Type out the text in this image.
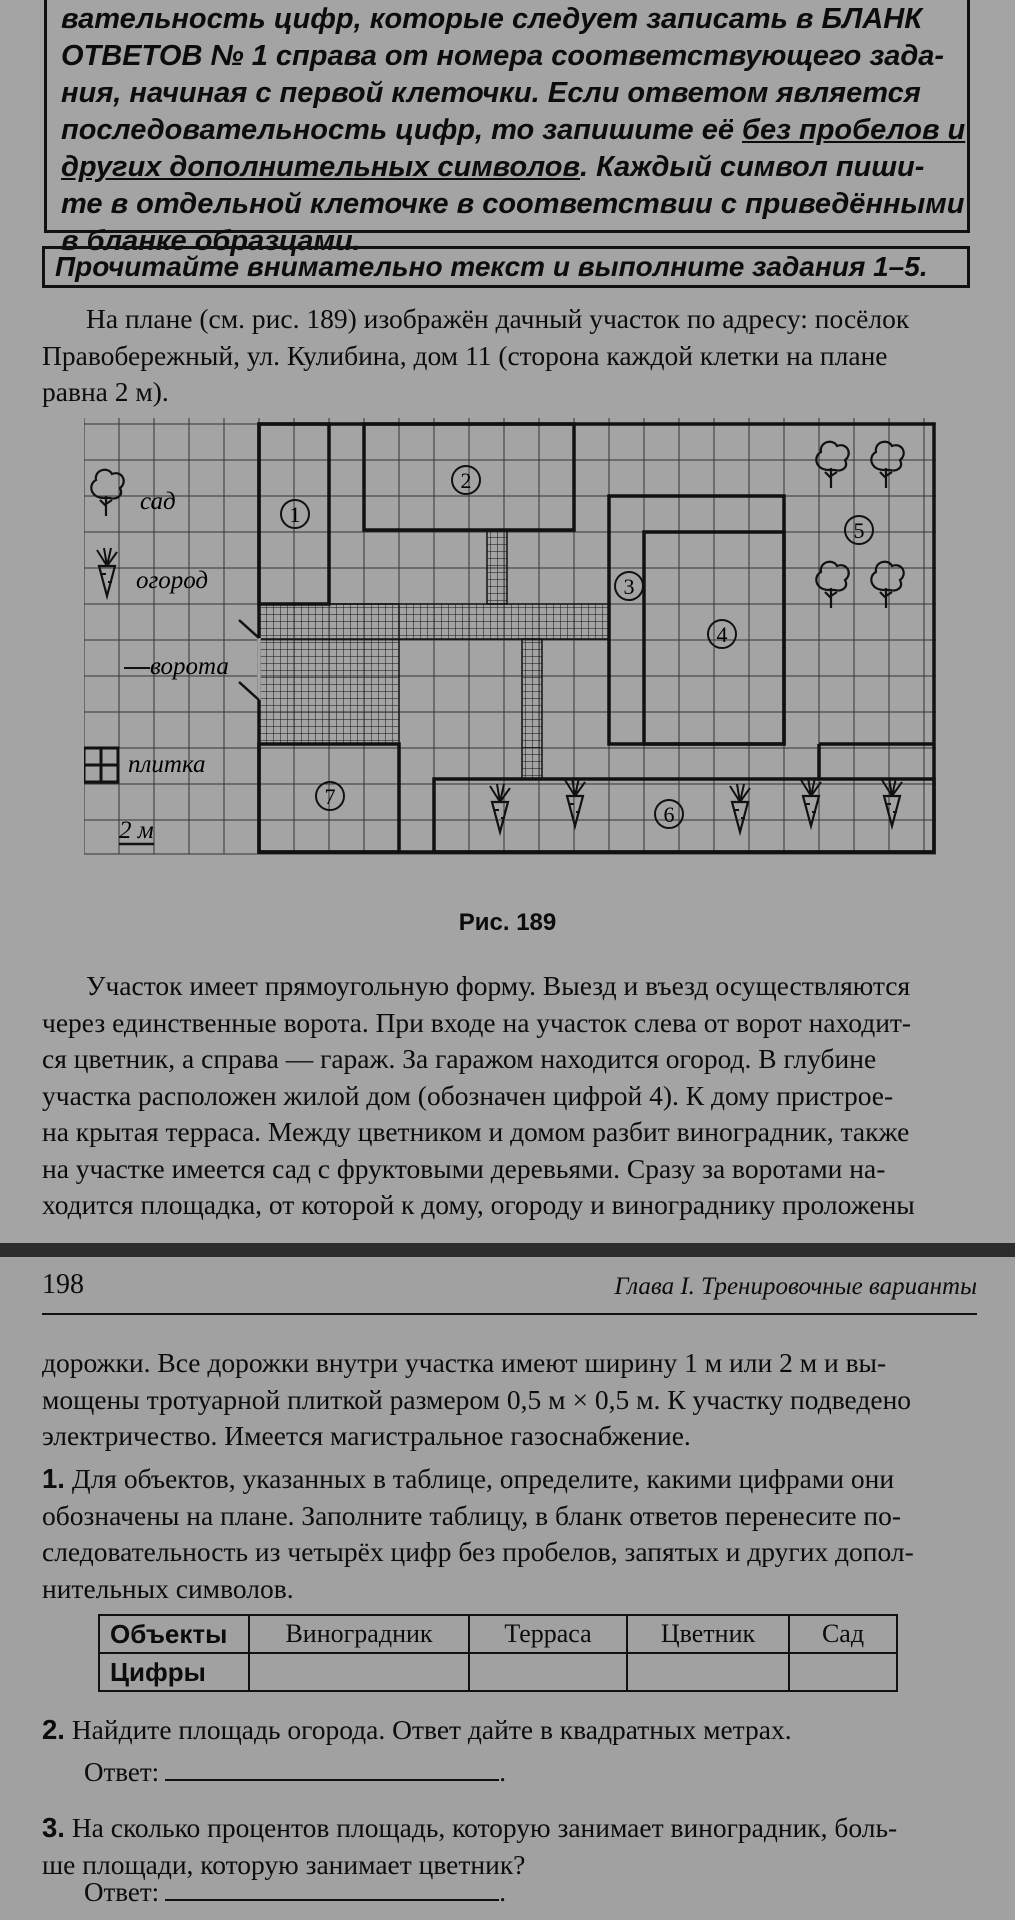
вательность цифр, которые следует записать в БЛАНК
ОТВЕТОВ № 1 справа от номера соответствующего зада-
ния, начиная с первой клеточки. Если ответом является
последовательность цифр, то запишите её без пробелов и
другиx дополнительных символов. Каждый символ пиши-
те в отдельной клеточке в соответствии с приведёнными
в бланке образцами.
Прочитайте внимательно текст и выполните задания 1–5.
На плане (см. рис. 189) изображён дачный участок по адресу: посёлок
Правобережный, ул. Кулибина, дом 11 (сторона каждой клетки на плане
равна 2 м).
1
2
3
4
5
6
7
сад
огород
ворота
плитка
2 м
Рис. 189
Участок имеет прямоугольную форму. Выезд и въезд осуществляются
через единственные ворота. При входе на участок слева от ворот находит-
ся цветник, а справа — гараж. За гаражом находится огород. В глубине
участка расположен жилой дом (обозначен цифрой 4). К дому пристрое-
на крытая терраса. Между цветником и домом разбит виноградник, также
на участке имеется сад с фруктовыми деревьями. Сразу за воротами на-
ходится площадка, от которой к дому, огороду и винограднику проложены
198	Глава I. Тренировочные варианты
дорожки. Все дорожки внутри участка имеют ширину 1 м или 2 м и вы-
мощены тротуарной плиткой размером 0,5 м × 0,5 м. К участку подведено
электричество. Имеется магистральное газоснабжение.
1. Для объектов, указанных в таблице, определите, какими цифрами они
обозначены на плане. Заполните таблицу, в бланк ответов перенесите по-
следовательность из четырёх цифр без пробелов, запятых и других допол-
нительных символов.
Объекты	Виноградник	Терраса	Цветник	Сад
Цифры				
2. Найдите площадь огорода. Ответ дайте в квадратных метрах.
Ответ:	.
3. На сколько процентов площадь, которую занимает виноградник, боль-
ше площади, которую занимает цветник?
Ответ:	.
